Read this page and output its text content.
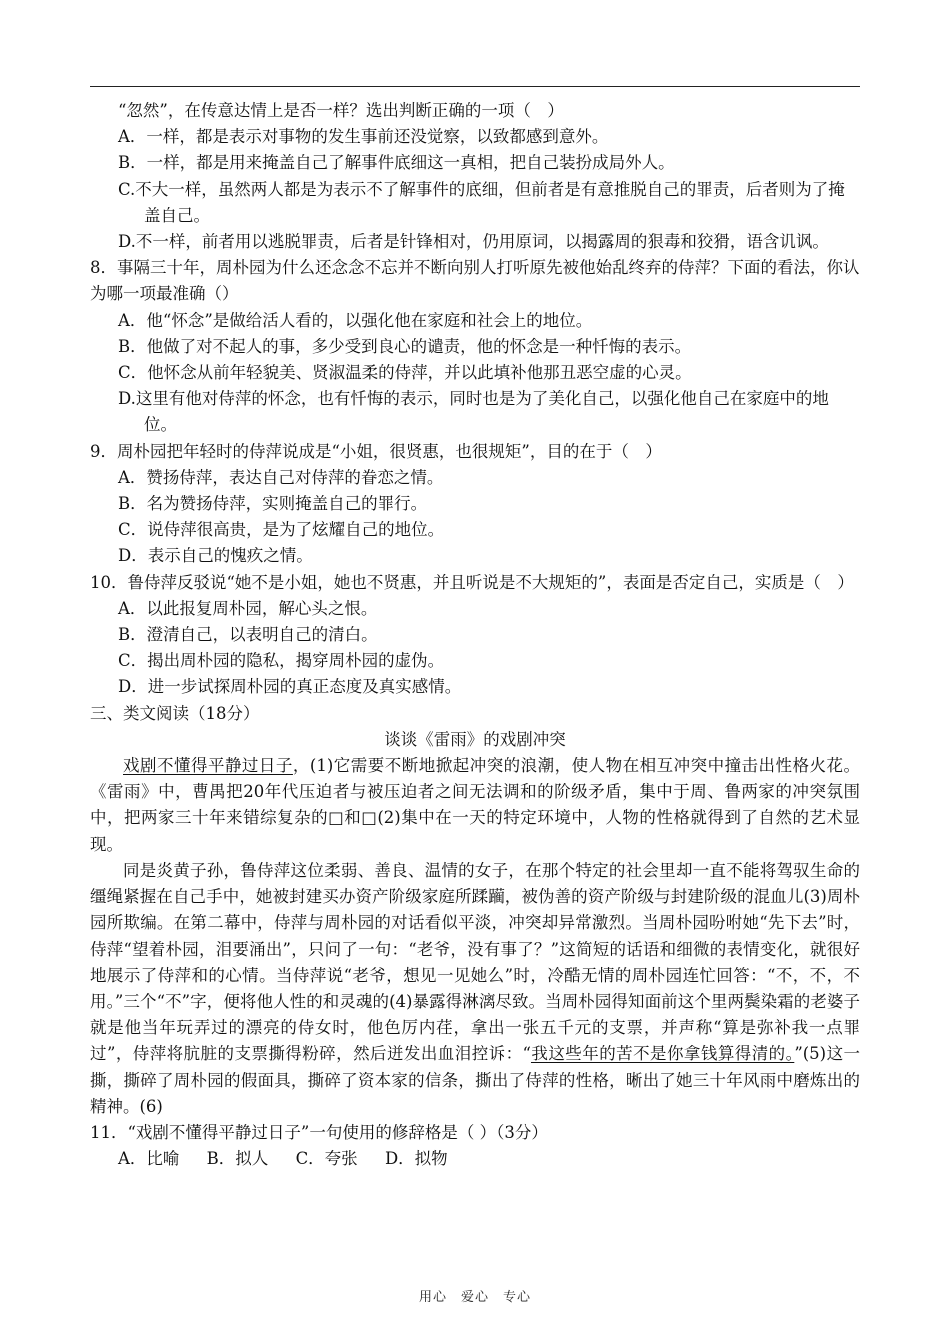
“忽然”，在传意达情上是否一样？选出判断正确的一项（　）
A．一样，都是表示对事物的发生事前还没觉察，以致都感到意外。
B．一样，都是用来掩盖自己了解事件底细这一真相，把自己装扮成局外人。
C.不大一样，虽然两人都是为表示不了解事件的底细，但前者是有意推脱自己的罪责，后者则为了掩盖自己。
D.不一样，前者用以逃脱罪责，后者是针锋相对，仍用原词，以揭露周的狠毒和狡猾，语含讥讽。
8．事隔三十年，周朴园为什么还念念不忘并不断向别人打听原先被他始乱终弃的侍萍？下面的看法，你认为哪一项最准确（）
A．他“怀念”是做给活人看的，以强化他在家庭和社会上的地位。
B．他做了对不起人的事，多少受到良心的谴责，他的怀念是一种忏悔的表示。
C．他怀念从前年轻貌美、贤淑温柔的侍萍，并以此填补他那丑恶空虚的心灵。
D.这里有他对侍萍的怀念，也有忏悔的表示，同时也是为了美化自己，以强化他自己在家庭中的地位。
9．周朴园把年轻时的侍萍说成是“小姐，很贤惠，也很规矩”，目的在于（　）
A．赞扬侍萍，表达自己对侍萍的眷恋之情。
B．名为赞扬侍萍，实则掩盖自己的罪行。
C．说侍萍很高贵，是为了炫耀自己的地位。
D．表示自己的愧疚之情。
10．鲁侍萍反驳说“她不是小姐，她也不贤惠，并且听说是不大规矩的”，表面是否定自己，实质是（　）
A．以此报复周朴园，解心头之恨。
B．澄清自己，以表明自己的清白。
C．揭出周朴园的隐私，揭穿周朴园的虚伪。
D．进一步试探周朴园的真正态度及真实感情。
三、类文阅读（18分）
谈谈《雷雨》的戏剧冲突
戏剧不懂得平静过日子，(1)它需要不断地掀起冲突的浪潮，使人物在相互冲突中撞击出性格火花。《雷雨》中，曹禺把20年代压迫者与被压迫者之间无法调和的阶级矛盾，集中于周、鲁两家的冲突氛围中，把两家三十年来错综复杂的□和□(2)集中在一天的特定环境中，人物的性格就得到了自然的艺术显现。
同是炎黄子孙，鲁侍萍这位柔弱、善良、温情的女子，在那个特定的社会里却一直不能将驾驭生命的缰绳紧握在自己手中，她被封建买办资产阶级家庭所蹂躏，被伪善的资产阶级与封建阶级的混血儿(3)周朴园所欺编。在第二幕中，侍萍与周朴园的对话看似平淡，冲突却异常激烈。当周朴园吩咐她“先下去”时，侍萍“望着朴园，泪要涌出”，只问了一句：“老爷，没有事了？”这简短的话语和细微的表情变化，就很好地展示了侍萍和的心情。当侍萍说“老爷，想见一见她么”时，冷酷无情的周朴园连忙回答：“不，不，不用。”三个“不”字，便将他人性的和灵魂的(4)暴露得淋漓尽致。当周朴园得知面前这个里两鬓染霜的老婆子就是他当年玩弄过的漂亮的侍女时，他色厉内荏，拿出一张五千元的支票，并声称“算是弥补我一点罪过”，侍萍将肮脏的支票撕得粉碎，然后迸发出血泪控诉：“我这些年的苦不是你拿钱算得清的。”(5)这一撕，撕碎了周朴园的假面具，撕碎了资本家的信条，撕出了侍萍的性格，晰出了她三十年风雨中磨炼出的精神。(6)
11．“戏剧不懂得平静过日子”一句使用的修辞格是（ ）（3分）
A．比喻 B．拟人 C．夸张 D．拟物
用心　爱心　专心
